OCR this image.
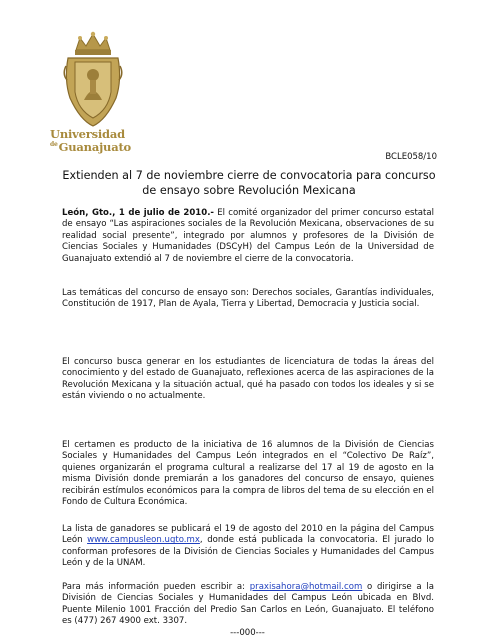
Universidad
$^{de}$Guanajuato
BCLE058/10
Extienden al 7 de noviembre cierre de convocatoria para concurso de ensayo sobre Revolución Mexicana
León, Gto., 1 de julio de 2010.- El comité organizador del primer concurso estatal de ensayo “Las aspiraciones sociales de la Revolución Mexicana, observaciones de su realidad social presente”, integrado por alumnos y profesores de la División de Ciencias Sociales y Humanidades (DSCyH) del Campus León de la Universidad de Guanajuato extendió al 7 de noviembre el cierre de la convocatoria.
Las temáticas del concurso de ensayo son: Derechos sociales, Garantías individuales, Constitución de 1917, Plan de Ayala, Tierra y Libertad, Democracia y Justicia social.
El concurso busca generar en los estudiantes de licenciatura de todas la áreas del conocimiento y del estado de Guanajuato, reflexiones acerca de las aspiraciones de la Revolución Mexicana y la situación actual, qué ha pasado con todos los ideales y si se están viviendo o no actualmente.
El certamen es producto de la iniciativa de 16 alumnos de la División de Ciencias Sociales y Humanidades del Campus León integrados en el “Colectivo De Raíz”, quienes organizarán el programa cultural a realizarse del 17 al 19 de agosto en la misma División donde premiarán a los ganadores del concurso de ensayo, quienes recibirán estímulos económicos para la compra de libros del tema de su elección en el Fondo de Cultura Económica.
La lista de ganadores se publicará el 19 de agosto del 2010 en la página del Campus León www.campusleon.ugto.mx, donde está publicada la convocatoria. El jurado lo conforman profesores de la División de Ciencias Sociales y Humanidades del Campus León y de la UNAM.
Para más información pueden escribir a: praxisahora@hotmail.com o dirigirse a la División de Ciencias Sociales y Humanidades del Campus León ubicada en Blvd. Puente Milenio 1001 Fracción del Predio San Carlos en León, Guanajuato. El teléfono es (477) 267 4900 ext. 3307.
---000---
